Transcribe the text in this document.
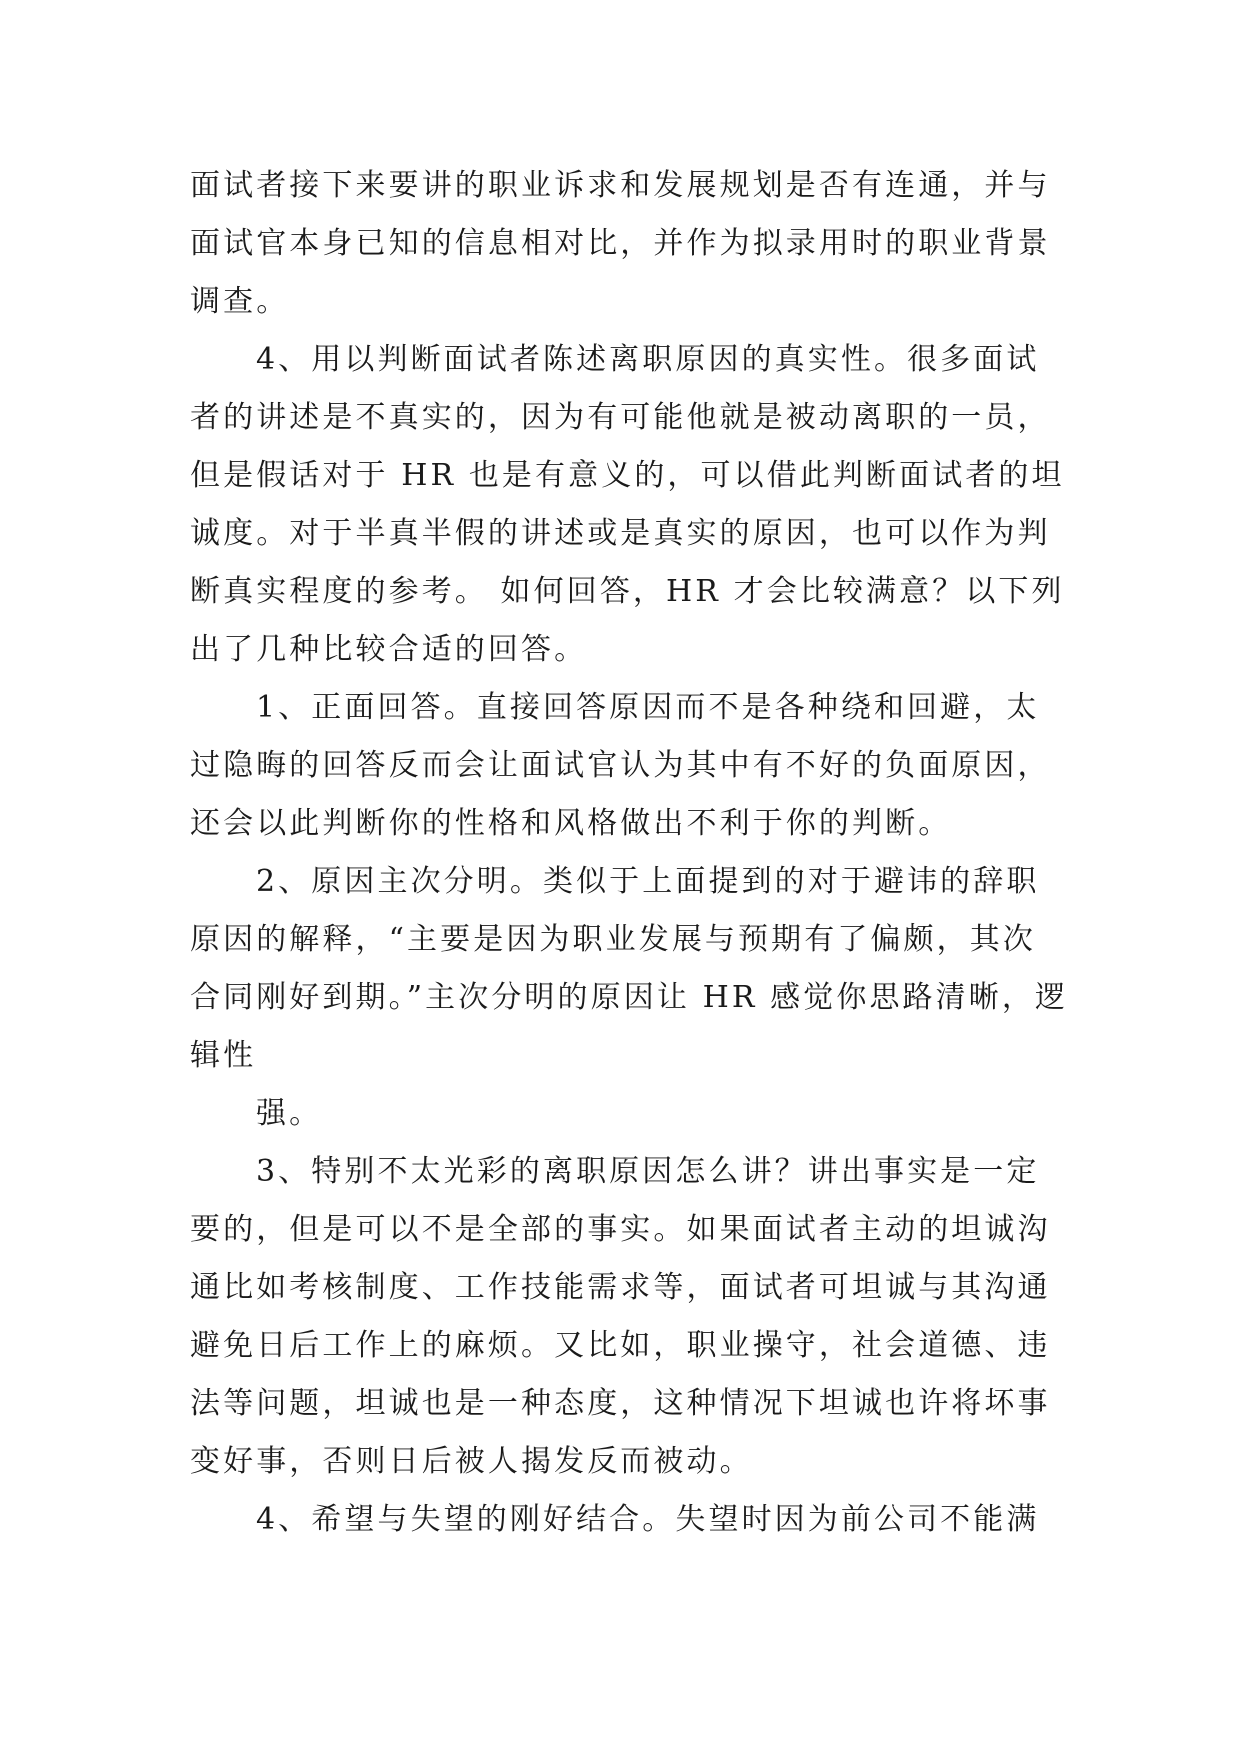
面试者接下来要讲的职业诉求和发展规划是否有连通，并与
面试官本身已知的信息相对比，并作为拟录用时的职业背景
调查。
4、用以判断面试者陈述离职原因的真实性。很多面试
者的讲述是不真实的，因为有可能他就是被动离职的一员，
但是假话对于 HR 也是有意义的，可以借此判断面试者的坦
诚度。对于半真半假的讲述或是真实的原因，也可以作为判
断真实程度的参考。 如何回答，HR 才会比较满意？以下列
出了几种比较合适的回答。
1、正面回答。直接回答原因而不是各种绕和回避，太
过隐晦的回答反而会让面试官认为其中有不好的负面原因，
还会以此判断你的性格和风格做出不利于你的判断。
2、原因主次分明。类似于上面提到的对于避讳的辞职
原因的解释，“主要是因为职业发展与预期有了偏颇，其次
合同刚好到期。”主次分明的原因让 HR 感觉你思路清晰，逻
辑性
强。
3、特别不太光彩的离职原因怎么讲？讲出事实是一定
要的，但是可以不是全部的事实。如果面试者主动的坦诚沟
通比如考核制度、工作技能需求等，面试者可坦诚与其沟通
避免日后工作上的麻烦。又比如，职业操守，社会道德、违
法等问题，坦诚也是一种态度，这种情况下坦诚也许将坏事
变好事，否则日后被人揭发反而被动。
4、希望与失望的刚好结合。失望时因为前公司不能满
